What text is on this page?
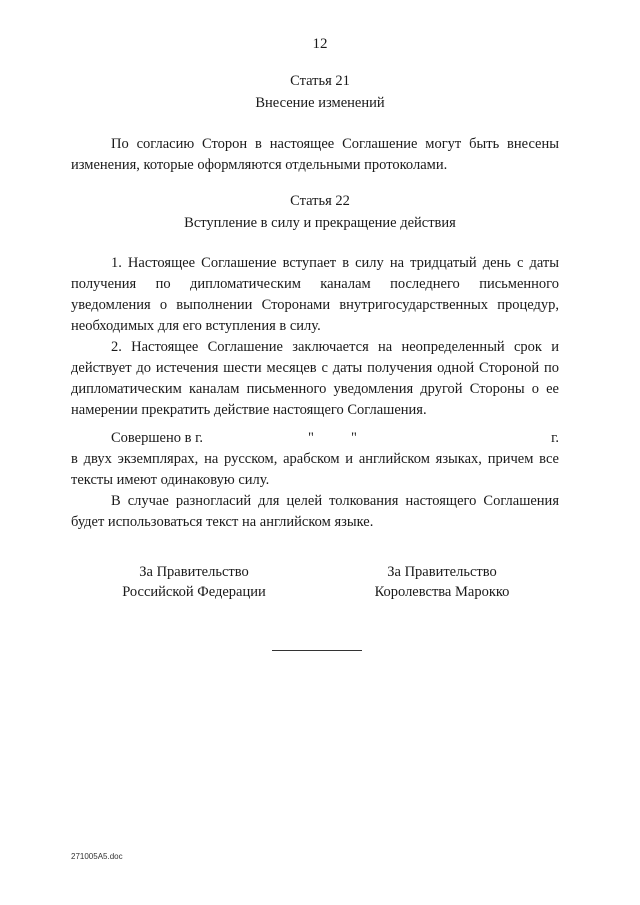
12
Статья 21
Внесение изменений

По согласию Сторон в настоящее Соглашение могут быть внесены изменения, которые оформляются отдельными протоколами.

Статья 22
Вступление в силу и прекращение действия

1. Настоящее Соглашение вступает в силу на тридцатый день с даты получения по дипломатическим каналам последнего письменного уведомления о выполнении Сторонами внутригосударственных процедур, необходимых для его вступления в силу.

2. Настоящее Соглашение заключается на неопределенный срок и действует до истечения шести месяцев с даты получения одной Стороной по дипломатическим каналам письменного уведомления другой Стороны о ее намерении прекратить действие настоящего Соглашения.

Совершено в г.	"	"	г.

в двух экземплярах, на русском, арабском и английском языках, причем все тексты имеют одинаковую силу.

В случае разногласий для целей толкования настоящего Соглашения будет использоваться текст на английском языке.

За Правительство
Российской Федерации
За Правительство
Королевства Марокко
271005A5.doc
